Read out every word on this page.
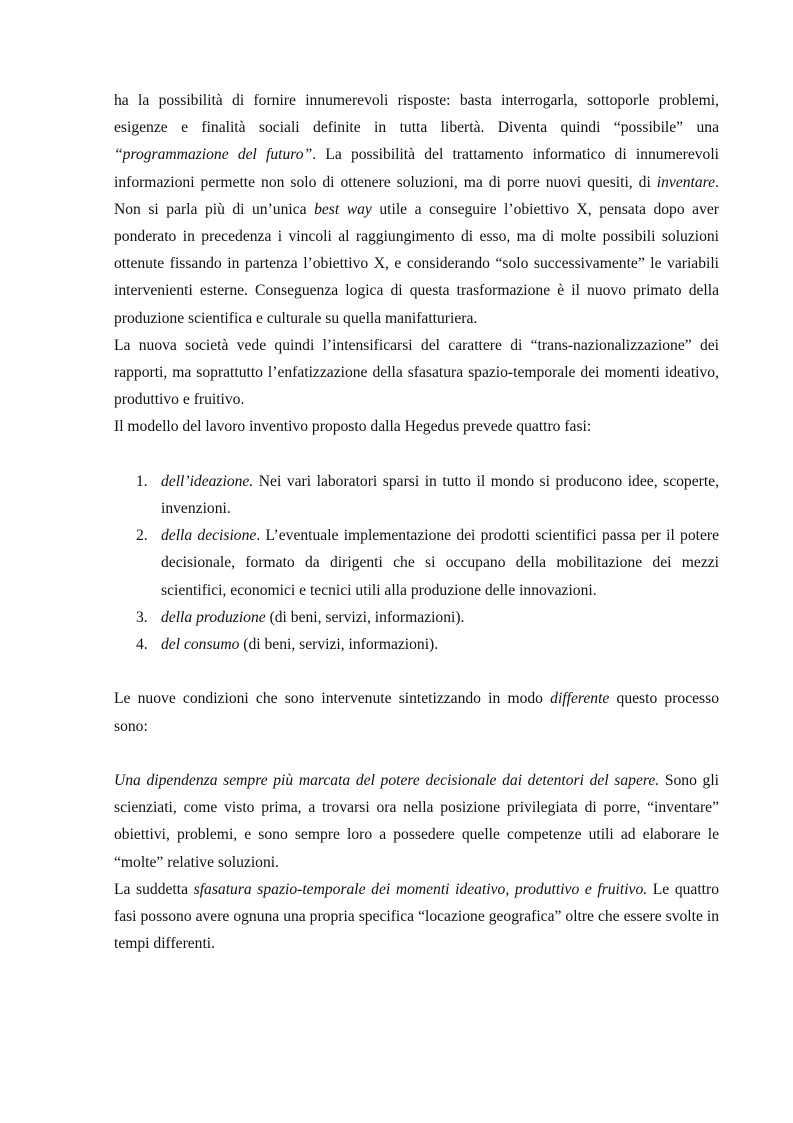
ha la possibilità di fornire innumerevoli risposte: basta interrogarla, sottoporle problemi, esigenze e finalità sociali definite in tutta libertà. Diventa quindi “possibile” una “programmazione del futuro”. La possibilità del trattamento informatico di innumerevoli informazioni permette non solo di ottenere soluzioni, ma di porre nuovi quesiti, di inventare. Non si parla più di un’unica best way utile a conseguire l’obiettivo X, pensata dopo aver ponderato in precedenza i vincoli al raggiungimento di esso, ma di molte possibili soluzioni ottenute fissando in partenza l’obiettivo X, e considerando “solo successivamente” le variabili intervenienti esterne. Conseguenza logica di questa trasformazione è il nuovo primato della produzione scientifica e culturale su quella manifatturiera.

La nuova società vede quindi l’intensificarsi del carattere di “trans-nazionalizzazione” dei rapporti, ma soprattutto l’enfatizzazione della sfasatura spazio-temporale dei momenti ideativo, produttivo e fruitivo.

Il modello del lavoro inventivo proposto dalla Hegedus prevede quattro fasi:

1. dell’ideazione. Nei vari laboratori sparsi in tutto il mondo si producono idee, scoperte, invenzioni.
2. della decisione. L’eventuale implementazione dei prodotti scientifici passa per il potere decisionale, formato da dirigenti che si occupano della mobilitazione dei mezzi scientifici, economici e tecnici utili alla produzione delle innovazioni.
3. della produzione (di beni, servizi, informazioni).
4. del consumo (di beni, servizi, informazioni).

Le nuove condizioni che sono intervenute sintetizzando in modo differente questo processo sono:

Una dipendenza sempre più marcata del potere decisionale dai detentori del sapere. Sono gli scienziati, come visto prima, a trovarsi ora nella posizione privilegiata di porre, “inventare” obiettivi, problemi, e sono sempre loro a possedere quelle competenze utili ad elaborare le “molte” relative soluzioni.

La suddetta sfasatura spazio-temporale dei momenti ideativo, produttivo e fruitivo. Le quattro fasi possono avere ognuna una propria specifica “locazione geografica” oltre che essere svolte in tempi differenti.
